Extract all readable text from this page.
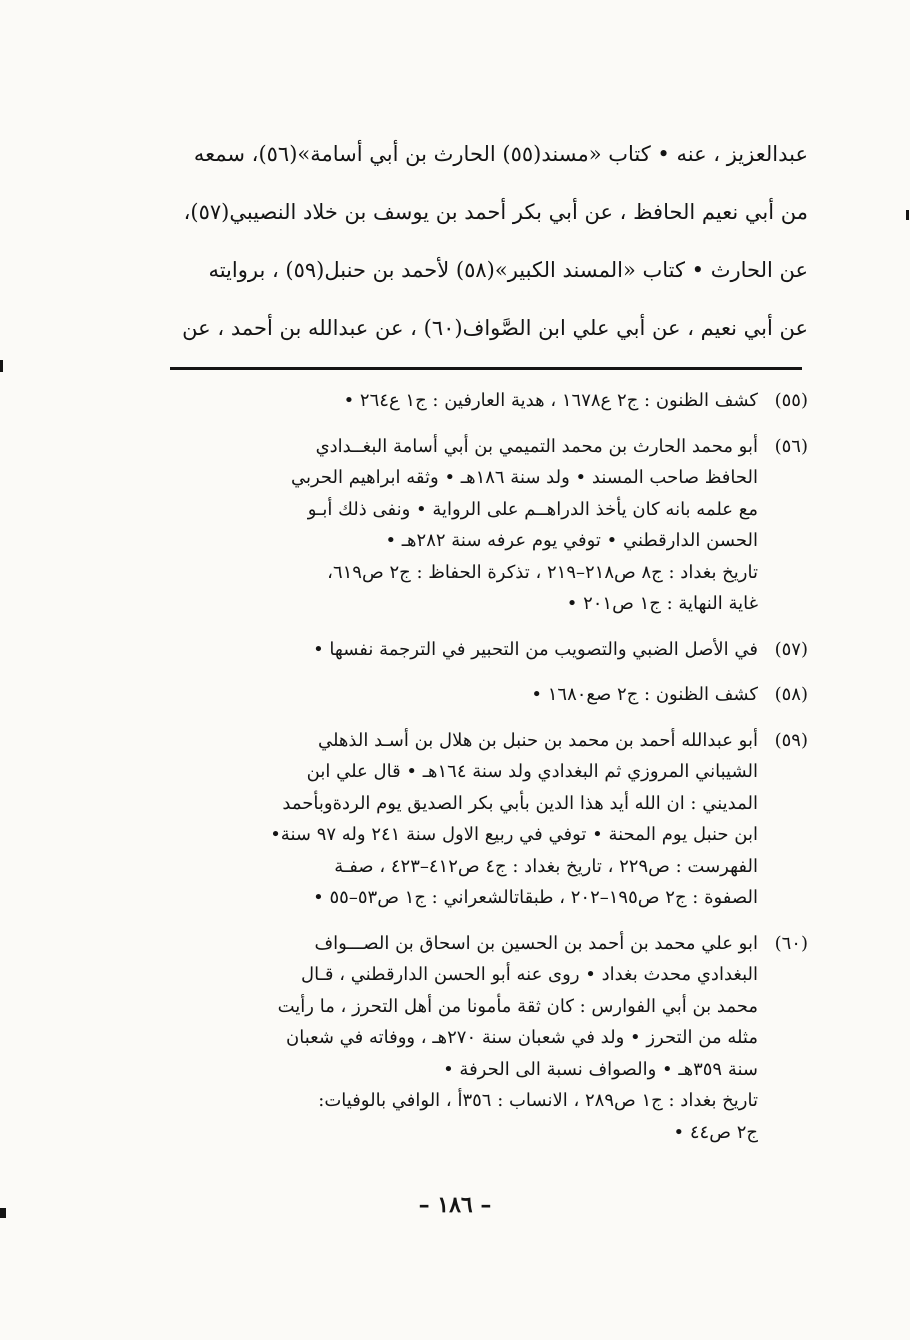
عبدالعزيز ، عنه • كتاب «مسند(٥٥) الحارث بن أبي أسامة»(٥٦)، سمعه

من أبي نعيم الحافظ ، عن أبي بكر أحمد بن يوسف بن خلاد النصيبي(٥٧)،

عن الحارث • كتاب «المسند الكبير»(٥٨) لأحمد بن حنبل(٥٩) ، بروايته

عن أبي نعيم ، عن أبي علي ابن الصَّواف(٦٠) ، عن عبدالله بن أحمد ، عن

(٥٥)

كشف الظنون : ج٢ ع١٦٧٨ ، هدية العارفين : ج١ ع٢٦٤ •

(٥٦)

أبو محمد الحارث بن محمد التميمي بن أبي أسامة البغــدادي

الحافظ صاحب المسند • ولد سنة ١٨٦هـ • وثقه ابراهيم الحربي

مع علمه بانه كان يأخذ الدراهــم على الرواية • ونفى ذلك أبـو

الحسن الدارقطني • توفي يوم عرفه سنة ٢٨٢هـ •

تاريخ بغداد : ج٨ ص٢١٨–٢١٩ ، تذكرة الحفاظ : ج٢ ص٦١٩،

غاية النهاية : ج١ ص٢٠١ •

(٥٧)

في الأصل الضبي والتصويب من التحبير في الترجمة نفسها •

(٥٨)

كشف الظنون : ج٢ صع١٦٨٠ •

(٥٩)

أبو عبدالله أحمد بن محمد بن حنبل بن هلال بن أسـد الذهلي

الشيباني المروزي ثم البغدادي ولد سنة ١٦٤هـ • قال علي ابن

المديني : ان الله أيد هذا الدين بأبي بكر الصديق يوم الردةوبأحمد

ابن حنبل يوم المحنة • توفي في ربيع الاول سنة ٢٤١ وله ٩٧ سنة•

الفهرست : ص٢٢٩ ، تاريخ بغداد : ج٤ ص٤١٢–٤٢٣ ، صفـة

الصفوة : ج٢ ص١٩٥–٢٠٢ ، طبقاتالشعراني : ج١ ص٥٣–٥٥ •

(٦٠)

ابو علي محمد بن أحمد بن الحسين بن اسحاق بن الصـــواف

البغدادي محدث بغداد • روى عنه أبو الحسن الدارقطني ، قـال

محمد بن أبي الفوارس : كان ثقة مأمونا من أهل التحرز ، ما رأيت

مثله من التحرز • ولد في شعبان سنة ٢٧٠هـ ، ووفاته في شعبان

سنة ٣٥٩هـ • والصواف نسبة الى الحرفة •

تاريخ بغداد : ج١ ص٢٨٩ ، الانساب : ٣٥٦أ ، الوافي بالوفيات:

ج٢ ص٤٤ •

– ١٨٦ –
